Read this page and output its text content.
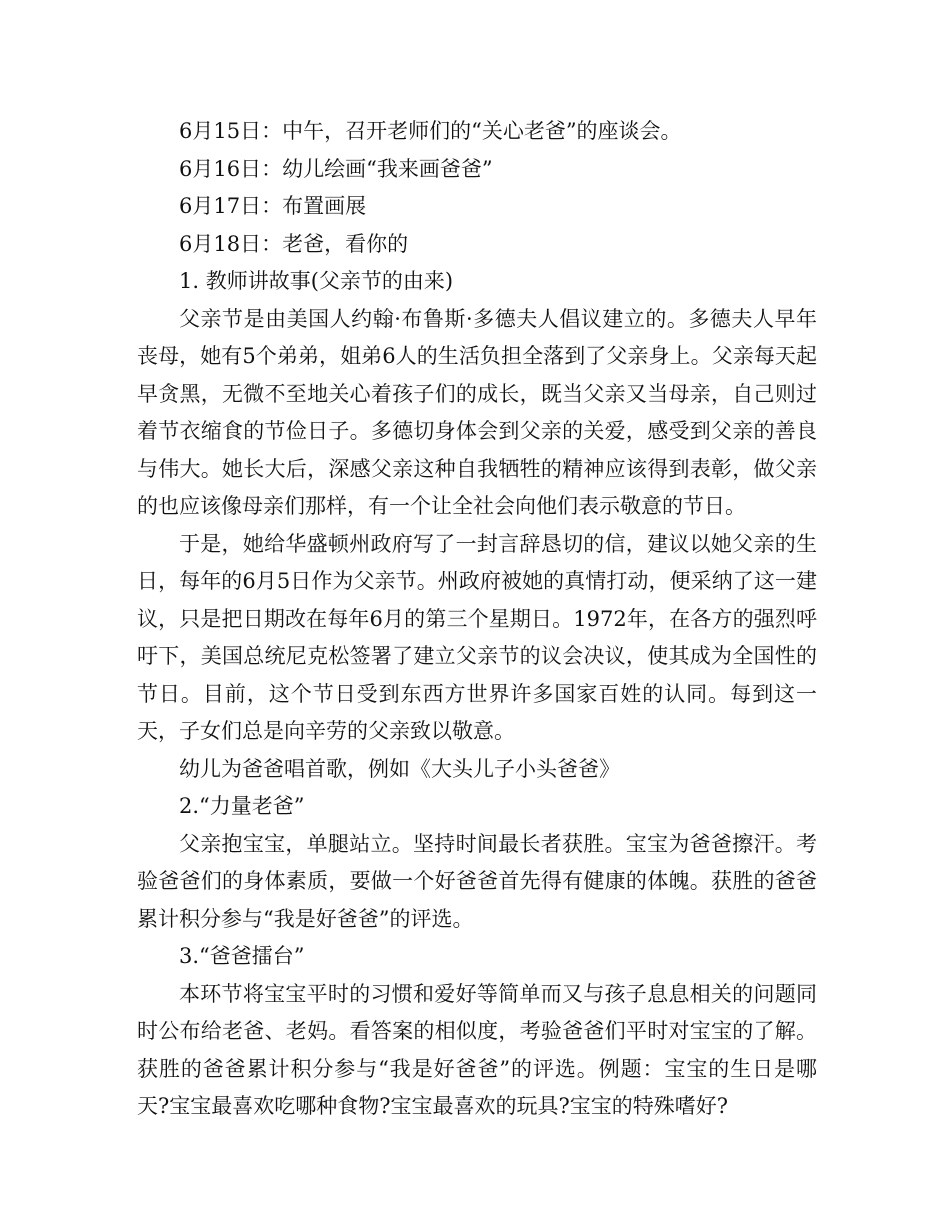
6月15日：中午，召开老师们的“关心老爸”的座谈会。

6月16日：幼儿绘画“我来画爸爸”

6月17日：布置画展

6月18日：老爸，看你的

1. 教师讲故事(父亲节的由来)

父亲节是由美国人约翰·布鲁斯·多德夫人倡议建立的。多德夫人早年丧母，她有5个弟弟，姐弟6人的生活负担全落到了父亲身上。父亲每天起早贪黑，无微不至地关心着孩子们的成长，既当父亲又当母亲，自己则过着节衣缩食的节俭日子。多德切身体会到父亲的关爱，感受到父亲的善良与伟大。她长大后，深感父亲这种自我牺牲的精神应该得到表彰，做父亲的也应该像母亲们那样，有一个让全社会向他们表示敬意的节日。

于是，她给华盛顿州政府写了一封言辞恳切的信，建议以她父亲的生日，每年的6月5日作为父亲节。州政府被她的真情打动，便采纳了这一建议，只是把日期改在每年6月的第三个星期日。1972年，在各方的强烈呼吁下，美国总统尼克松签署了建立父亲节的议会决议，使其成为全国性的节日。目前，这个节日受到东西方世界许多国家百姓的认同。每到这一天，子女们总是向辛劳的父亲致以敬意。

幼儿为爸爸唱首歌，例如《大头儿子小头爸爸》

2.“力量老爸”

父亲抱宝宝，单腿站立。坚持时间最长者获胜。宝宝为爸爸擦汗。考验爸爸们的身体素质，要做一个好爸爸首先得有健康的体魄。获胜的爸爸累计积分参与“我是好爸爸”的评选。

3.“爸爸擂台”

本环节将宝宝平时的习惯和爱好等简单而又与孩子息息相关的问题同时公布给老爸、老妈。看答案的相似度，考验爸爸们平时对宝宝的了解。获胜的爸爸累计积分参与“我是好爸爸”的评选。例题：宝宝的生日是哪天?宝宝最喜欢吃哪种食物?宝宝最喜欢的玩具?宝宝的特殊嗜好?
